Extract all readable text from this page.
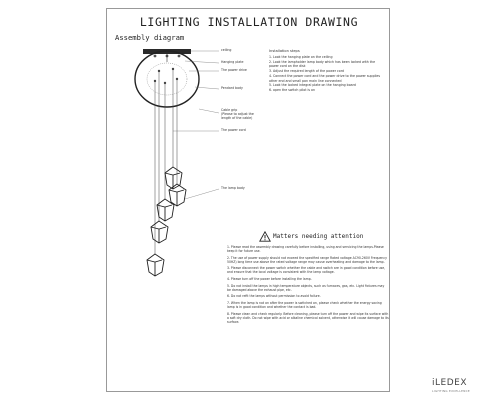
LIGHTING INSTALLATION DRAWING
Assembly diagram
ceiling
Hanging plate
The power drive
Pendant body
Cable grip
(Please to adjust the
length of the cable)
The power cord
The lamp body
Installation steps
1. Look the hanging plate on the ceiling
2. Look the lampholder lamp body which has been locked with the power cord on the disk
3. Adjust the required length of the power cord
4. Connect the power cord and the power drive to the power supplies other end and small pan main line connected
5. Look the locked integral plate on the hanging board
6. open the switch pilot is on
Matters needing attention

1. Please read the assembly drawing carefully before installing, using and servicing the lamps.Please keep it for future use.

2. The use of power supply should not exceed the specified range Rated voltage AC90-260V Frequency 50HZ) long time use above the rated voltage range may cause overheating and damage to the lamp.

3. Please disconnect the power switch whether the cable and switch are in good condition before use, and ensure that the local voltage is consistent with the lamp voltage.

4. Please turn off the power before installing the lamp.

5. Do not install the lamps in high temperature objects, such as furnaces, gas, etc. Light fixtures may be damaged above the exhaust pipe, etc.

6. Do not refit the lamps without permission to avoid failure.

7. When the lamp is not on after the power is switched on, please check whether the energy saving lamp is in good condition and whether the contact is bad.

8. Please clean and check regularly. Before cleaning, please turn off the power and wipe its surface with a soft dry cloth. Do not wipe with acid or alkaline chemical solvent, otherwise it will cause damage to its surface.

iLEDEX
LIGHTING EXCELLENCE
